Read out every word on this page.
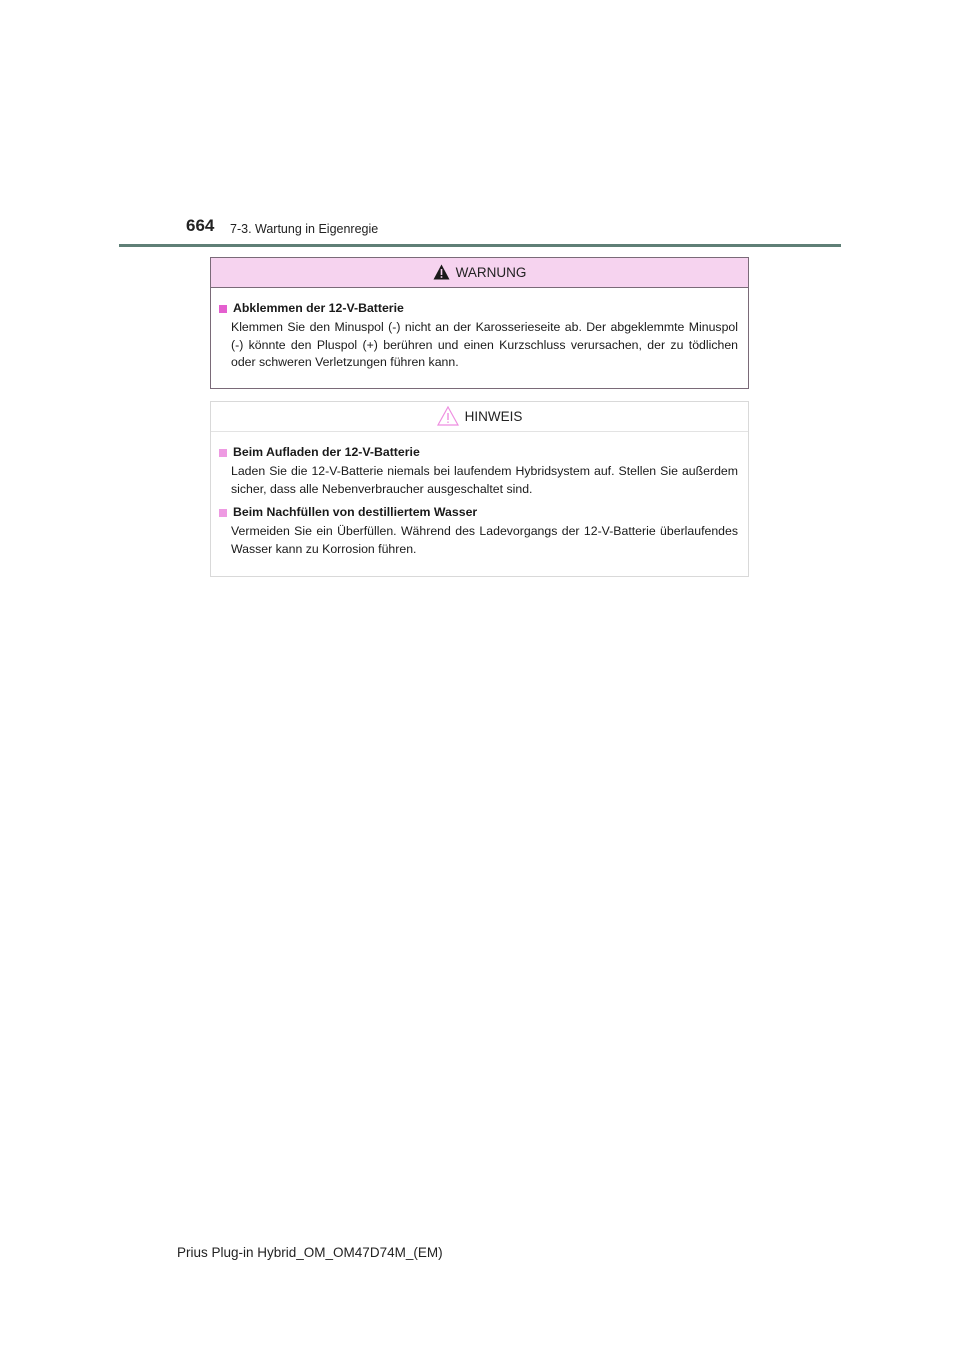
664 7-3. Wartung in Eigenregie
WARNUNG
Abklemmen der 12-V-Batterie
Klemmen Sie den Minuspol (-) nicht an der Karosserieseite ab. Der abgeklemmte Minuspol (-) könnte den Pluspol (+) berühren und einen Kurzschluss verursachen, der zu tödlichen oder schweren Verletzungen führen kann.
HINWEIS
Beim Aufladen der 12-V-Batterie
Laden Sie die 12-V-Batterie niemals bei laufendem Hybridsystem auf. Stellen Sie außerdem sicher, dass alle Nebenverbraucher ausgeschaltet sind.
Beim Nachfüllen von destilliertem Wasser
Vermeiden Sie ein Überfüllen. Während des Ladevorgangs der 12-V-Batterie überlaufendes Wasser kann zu Korrosion führen.
Prius Plug-in Hybrid_OM_OM47D74M_(EM)
